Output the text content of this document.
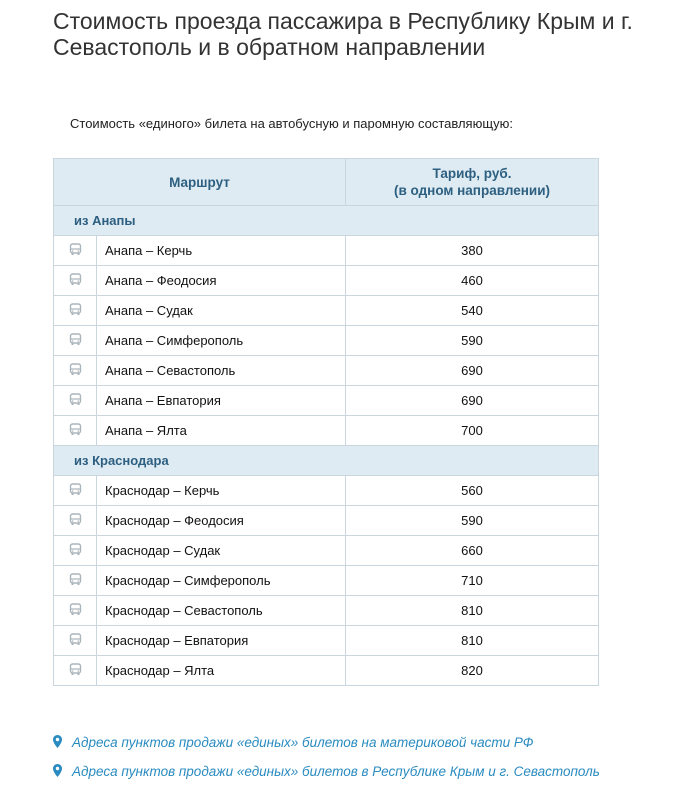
Стоимость проезда пассажира в Республику Крым и г. Севастополь и в обратном направлении
Стоимость «единого» билета на автобусную и паромную составляющую:
Маршрут		Тариф, руб.
(в одном направлении)
из Анапы		
	Анапа – Керчь	380
	Анапа – Феодосия	460
	Анапа – Судак	540
	Анапа – Симферополь	590
	Анапа – Севастополь	690
	Анапа – Евпатория	690
	Анапа – Ялта	700
из Краснодара		
	Краснодар – Керчь	560
	Краснодар – Феодосия	590
	Краснодар – Судак	660
	Краснодар – Симферополь	710
	Краснодар – Севастополь	810
	Краснодар – Евпатория	810
	Краснодар – Ялта	820
Адреса пунктов продажи «единых» билетов на материковой части РФ
Адреса пунктов продажи «единых» билетов в Республике Крым и г. Севастополь
